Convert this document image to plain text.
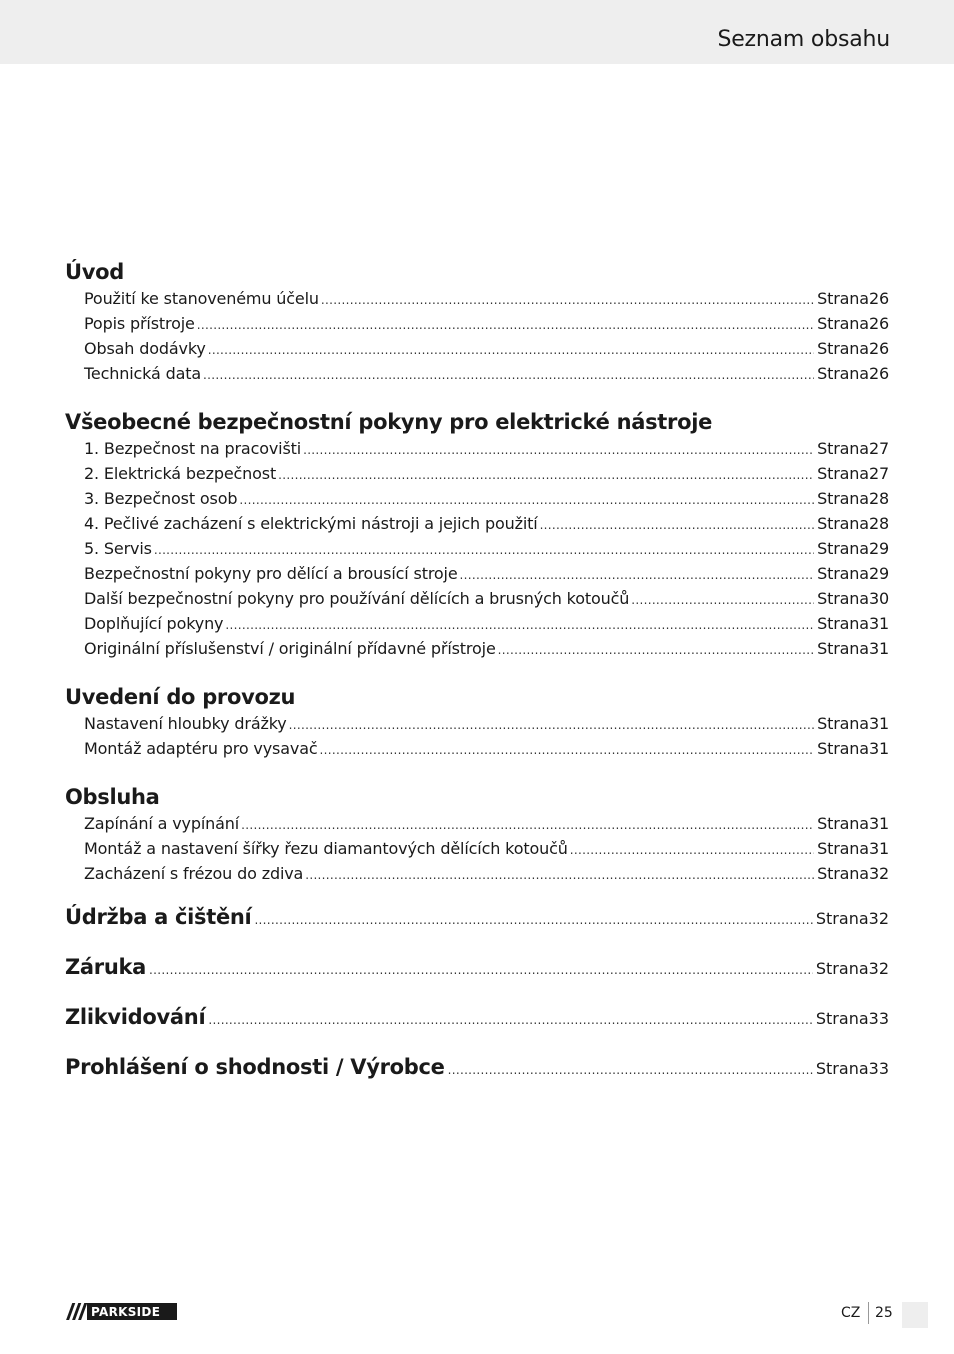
Seznam obsahu
Úvod
Použití ke stanovenému účelu .....	Strana 26
Popis přístroje .....	Strana 26
Obsah dodávky .....	Strana 26
Technická data .....	Strana 26
Všeobecné bezpečnostní pokyny pro elektrické nástroje
1. Bezpečnost na pracovišti .....	Strana 27
2. Elektrická bezpečnost .....	Strana 27
3. Bezpečnost osob .....	Strana 28
4. Pečlivé zacházení s elektrickými nástroji a jejich použití .....	Strana 28
5. Servis .....	Strana 29
Bezpečnostní pokyny pro dělící a brousící stroje .....	Strana 29
Další bezpečnostní pokyny pro používání dělících a brusných kotoučů .....	Strana 30
Doplňující pokyny .....	Strana 31
Originální příslušenství / originální přídavné přístroje .....	Strana 31
Uvedení do provozu
Nastavení hloubky drážky .....	Strana 31
Montáž adaptéru pro vysavač .....	Strana 31
Obsluha
Zapínání a vypínání .....	Strana 31
Montáž a nastavení šířky řezu diamantových dělících kotoučů .....	Strana 31
Zacházení s frézou do zdiva .....	Strana 32
Údržba a čištění .....	Strana 32
Záruka .....	Strana 32
Zlikvidování .....	Strana 33
Prohlášení o shodnosti / Výrobce .....	Strana 33
PARKSIDE	CZ 25
